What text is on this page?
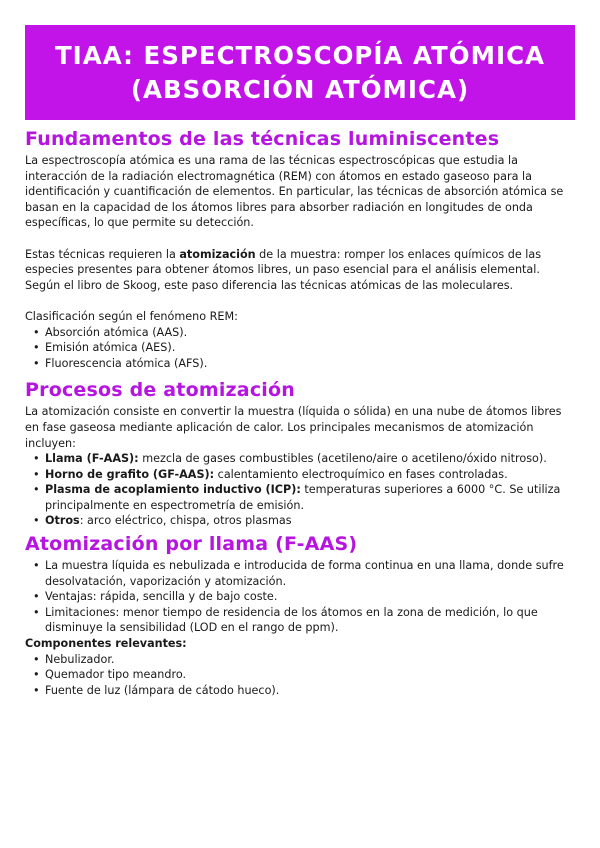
TIAA: ESPECTROSCOPÍA ATÓMICA
(ABSORCIÓN ATÓMICA)
Fundamentos de las técnicas luminiscentes

La espectroscopía atómica es una rama de las técnicas espectroscópicas que estudia la interacción de la radiación electromagnética (REM) con átomos en estado gaseoso para la identificación y cuantificación de elementos. En particular, las técnicas de absorción atómica se basan en la capacidad de los átomos libres para absorber radiación en longitudes de onda específicas, lo que permite su detección.

Estas técnicas requieren la atomización de la muestra: romper los enlaces químicos de las especies presentes para obtener átomos libres, un paso esencial para el análisis elemental. Según el libro de Skoog, este paso diferencia las técnicas atómicas de las moleculares.

Clasificación según el fenómeno REM:

• Absorción atómica (AAS).
• Emisión atómica (AES).
• Fluorescencia atómica (AFS).
Procesos de atomización

La atomización consiste en convertir la muestra (líquida o sólida) en una nube de átomos libres en fase gaseosa mediante aplicación de calor. Los principales mecanismos de atomización incluyen:

• Llama (F-AAS): mezcla de gases combustibles (acetileno/aire o acetileno/óxido nitroso).
• Horno de grafito (GF-AAS): calentamiento electroquímico en fases controladas.
• Plasma de acoplamiento inductivo (ICP): temperaturas superiores a 6000 °C. Se utiliza principalmente en espectrometría de emisión.
• Otros: arco eléctrico, chispa, otros plasmas
Atomización por llama (F-AAS)
• La muestra líquida es nebulizada e introducida de forma continua en una llama, donde sufre desolvatación, vaporización y atomización.
• Ventajas: rápida, sencilla y de bajo coste.
• Limitaciones: menor tiempo de residencia de los átomos en la zona de medición, lo que disminuye la sensibilidad (LOD en el rango de ppm).

Componentes relevantes:

• Nebulizador.
• Quemador tipo meandro.
• Fuente de luz (lámpara de cátodo hueco).
